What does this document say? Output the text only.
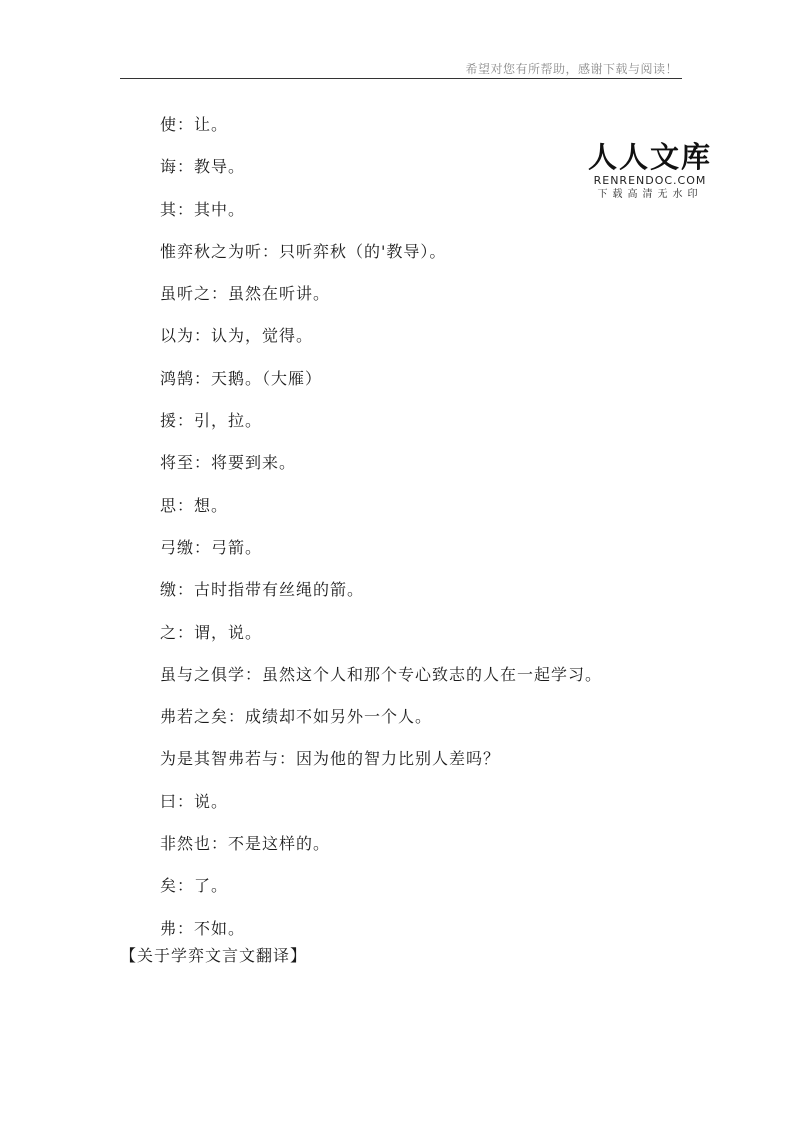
希望对您有所帮助，感谢下载与阅读！
人人文库
RENRENDOC.COM
下载高清无水印
使：让。
诲：教导。
其：其中。
惟弈秋之为听：只听弈秋（的'教导）。
虽听之：虽然在听讲。
以为：认为，觉得。
鸿鹄：天鹅。（大雁）
援：引，拉。
将至：将要到来。
思：想。
弓缴：弓箭。
缴：古时指带有丝绳的箭。
之：谓，说。
虽与之俱学：虽然这个人和那个专心致志的人在一起学习。
弗若之矣：成绩却不如另外一个人。
为是其智弗若与：因为他的智力比别人差吗？
曰：说。
非然也：不是这样的。
矣：了。
弗：不如。
【关于学弈文言文翻译】
